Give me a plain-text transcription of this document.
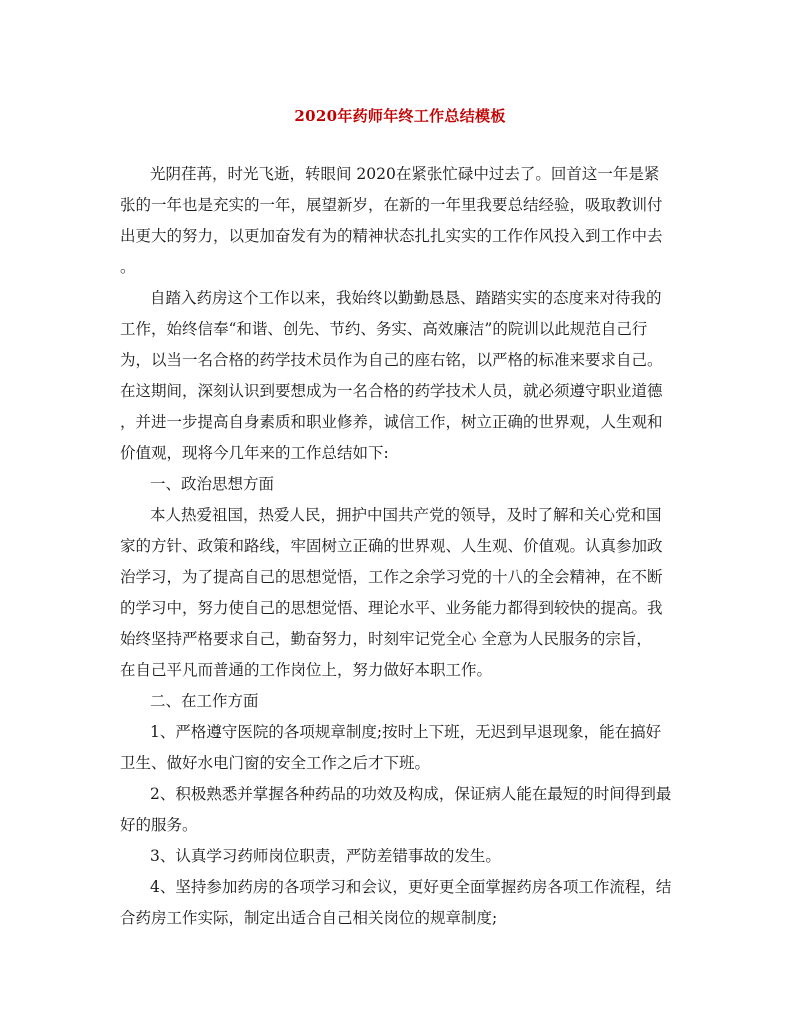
2020年药师年终工作总结模板

光阴荏苒，时光飞逝，转眼间 2020在紧张忙碌中过去了。回首这一年是紧

张的一年也是充实的一年，展望新岁，在新的一年里我要总结经验，吸取教训付

出更大的努力，以更加奋发有为的精神状态扎扎实实的工作作风投入到工作中去

。

自踏入药房这个工作以来，我始终以勤勤恳恳、踏踏实实的态度来对待我的

工作，始终信奉“和谐、创先、节约、务实、高效廉洁”的院训以此规范自己行

为，以当一名合格的药学技术员作为自己的座右铭，以严格的标准来要求自己。

在这期间，深刻认识到要想成为一名合格的药学技术人员，就必须遵守职业道德

，并进一步提高自身素质和职业修养，诚信工作，树立正确的世界观，人生观和

价值观，现将今几年来的工作总结如下:

一、政治思想方面

本人热爱祖国，热爱人民，拥护中国共产党的领导，及时了解和关心党和国

家的方针、政策和路线，牢固树立正确的世界观、人生观、价值观。认真参加政

治学习，为了提高自己的思想觉悟，工作之余学习党的十八的全会精神，在不断

的学习中，努力使自己的思想觉悟、理论水平、业务能力都得到较快的提高。我

始终坚持严格要求自己，勤奋努力，时刻牢记党全心 全意为人民服务的宗旨，

在自己平凡而普通的工作岗位上，努力做好本职工作。

二、在工作方面

1、严格遵守医院的各项规章制度;按时上下班，无迟到早退现象，能在搞好

卫生、做好水电门窗的安全工作之后才下班。

2、积极熟悉并掌握各种药品的功效及构成，保证病人能在最短的时间得到最

好的服务。

3、认真学习药师岗位职责，严防差错事故的发生。

4、坚持参加药房的各项学习和会议，更好更全面掌握药房各项工作流程，结

合药房工作实际，制定出适合自己相关岗位的规章制度;
